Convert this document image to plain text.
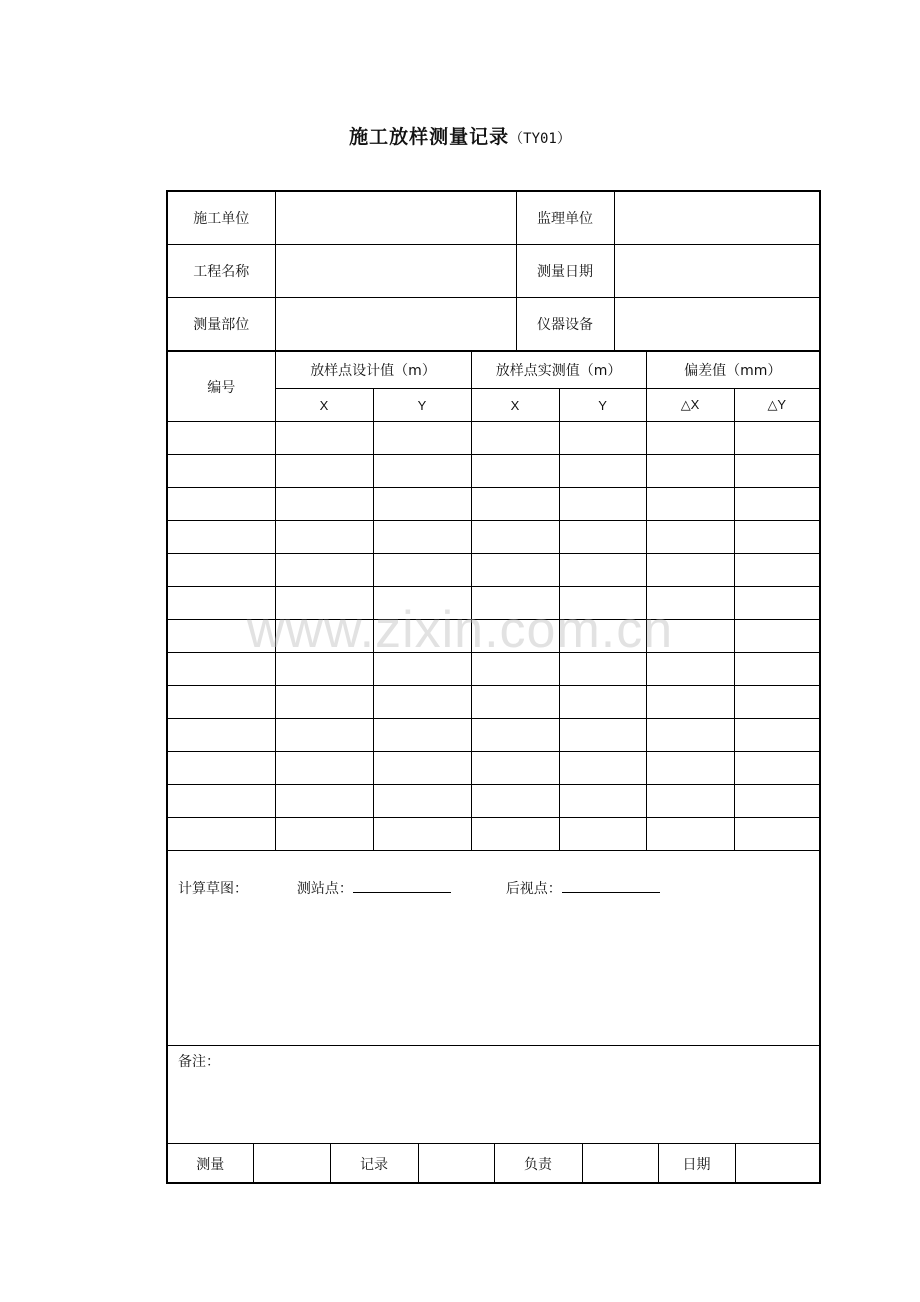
施工放样测量记录（TY01）
施工单位		监理单位	
工程名称		测量日期	
测量部位		仪器设备	
编号	放样点设计值（m）		放样点实测值（m）		偏差值（mm）	
	X	Y	X	Y	△X	△Y

计算草图：	测站点：	后视点：
备注：
测量		记录		负责		日期	
www.zixin.com.cn
